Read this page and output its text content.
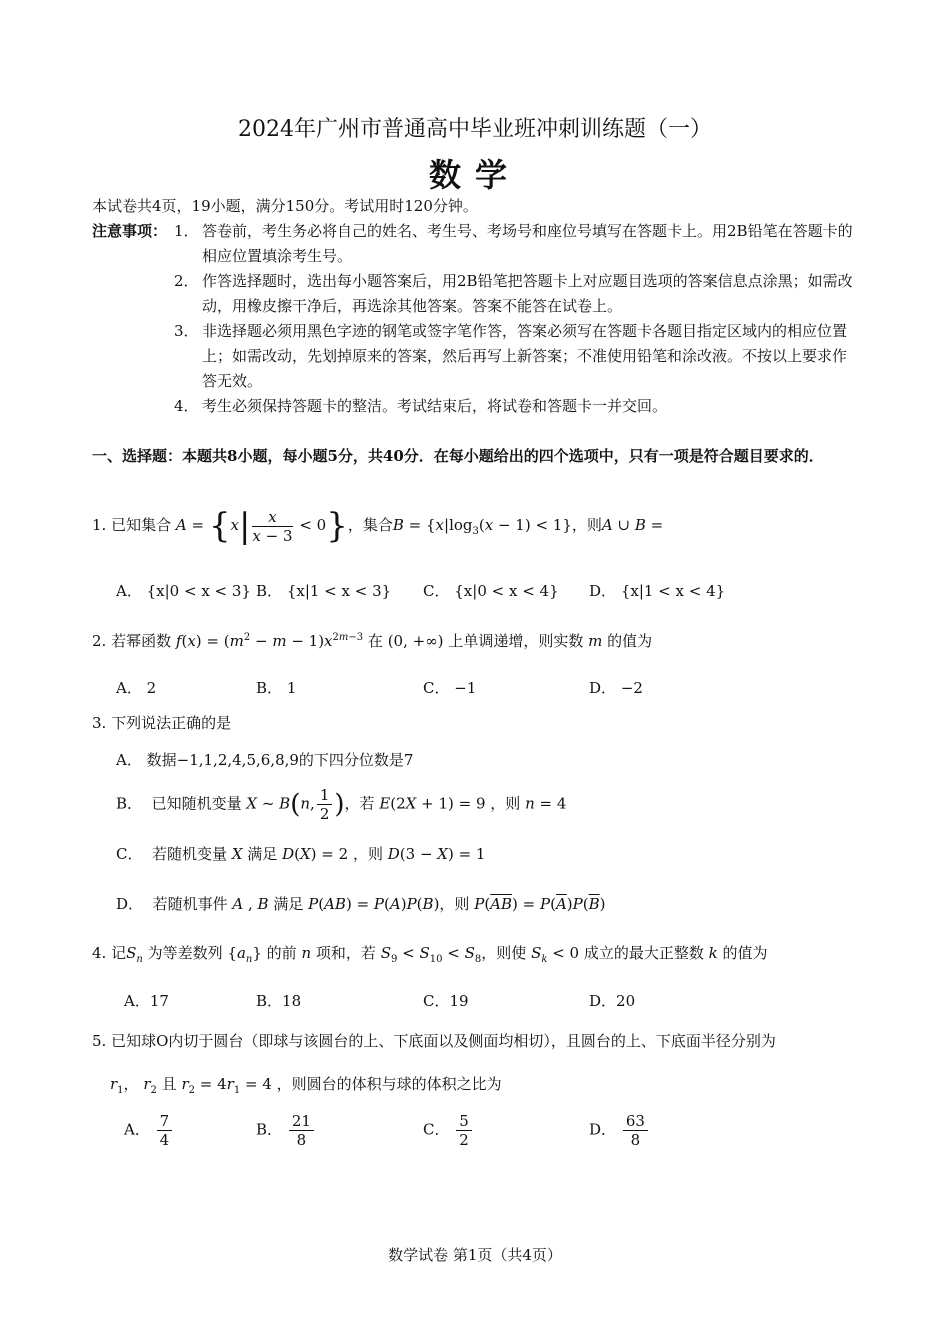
2024年广州市普通高中毕业班冲刺训练题（一）
数学
本试卷共4页，19小题，满分150分。考试用时120分钟。
注意事项： 1． 答卷前，考生务必将自己的姓名、考生号、考场号和座位号填写在答题卡上。用2B铅笔在答题卡的相应位置填涂考生号。
2． 作答选择题时，选出每小题答案后，用2B铅笔把答题卡上对应题目选项的答案信息点涂黑；如需改动，用橡皮擦干净后，再选涂其他答案。答案不能答在试卷上。
3． 非选择题必须用黑色字迹的钢笔或签字笔作答，答案必须写在答题卡各题目指定区域内的相应位置上；如需改动，先划掉原来的答案，然后再写上新答案；不准使用铅笔和涂改液。不按以上要求作答无效。
4． 考生必须保持答题卡的整洁。考试结束后，将试卷和答题卡一并交回。
一、选择题：本题共8小题，每小题5分，共40分．在每小题给出的四个选项中，只有一项是符合题目要求的．
1. 已知集合 $A = \{x| \frac{x}{x - 3} < 0\}$，集合$B = \{x|\log_3(x - 1) < 1\}$，则A ∪ B =
A． {x|0 < x < 3} B． {x|1 < x < 3} C． {x|0 < x < 4} D． {x|1 < x < 4}
2. 若幂函数 $f(x) = (m^2 - m - 1)x^{2m-3}$ 在 (0, +∞) 上单调递增，则实数 m 的值为
A． 2	B． 1	C． −1	D． −2
3. 下列说法正确的是
A． 数据−1,1,2,4,5,6,8,9的下四分位数是7
B． 已知随机变量 X ~ B(n, $\frac{1}{2}$ )，若 E(2X + 1) = 9 ，则 n = 4
C． 若随机变量 X 满足 D(X) = 2 ，则 D(3 − X) = 1
D． 若随机事件 A , B 满足 P(AB) = P(A)P(B)，则 $P(\overline{AB}) = P(\overline{A})P(\overline{B})$
4. 记$S_n$ 为等差数列 $\{a_n\}$ 的前 n 项和，若 $S_9 < S_{10} < S_8$，则使 $S_k < 0$ 成立的最大正整数 k 的值为
A．17	B．18	C．19	D．20
5. 已知球O内切于圆台（即球与该圆台的上、下底面以及侧面均相切），且圆台的上、下底面半径分别为
$r_1$， $r_2$ 且 $r_2 = 4r_1 = 4$ ，则圆台的体积与球的体积之比为
A． $\frac{7}{4}$	B． $\frac{21}{8}$	C． $\frac{5}{2}$	D． $\frac{63}{8}$
数学试卷 第1页（共4页）
